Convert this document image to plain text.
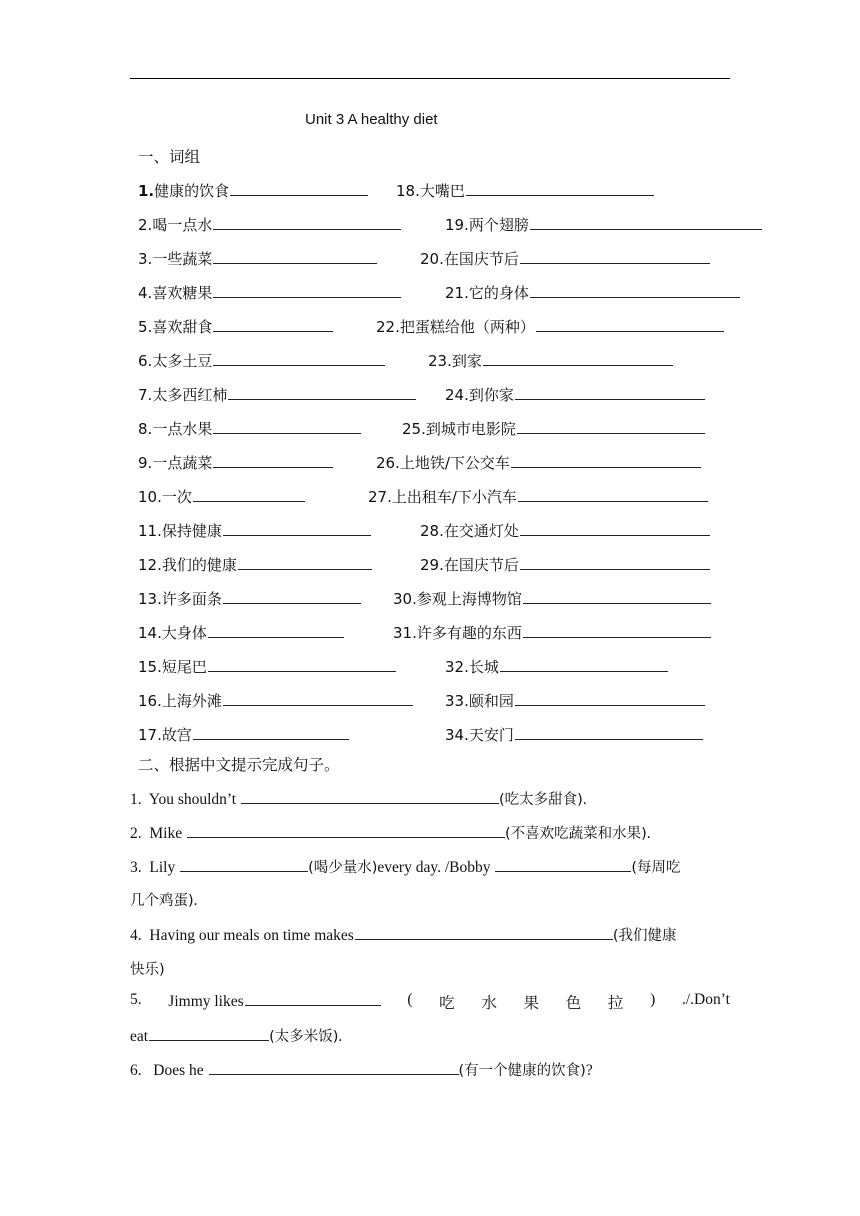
Unit 3 A healthy diet
一、词组
1.健康的饮食	18.大嘴巴
2.喝一点水	19.两个翅膀
3.一些蔬菜	20.在国庆节后
4.喜欢糖果	21.它的身体
5.喜欢甜食	22.把蛋糕给他（两种）
6.太多土豆	23.到家
7.太多西红柿	24.到你家
8.一点水果	25.到城市电影院
9.一点蔬菜	26.上地铁/下公交车
10.一次	27.上出租车/下小汽车
11.保持健康	28.在交通灯处
12.我们的健康	29.在国庆节后
13.许多面条	30.参观上海博物馆
14.大身体	31.许多有趣的东西
15.短尾巴	32.长城
16.上海外滩	33.颐和园
17.故宫	34.天安门
二、根据中文提示完成句子。
1. You shouldn’t	(吃太多甜食).
2. Mike	(不喜欢吃蔬菜和水果).
3. Lily	(喝少量水)every day. /Bobby	(每周吃
几个鸡蛋).
4. Having our meals on time makes	(我们健康
快乐)
5. Jimmy likes	( 吃 水 果 色 拉 ) ./.Don’t
eat	(太多米饭).
6. Does he	(有一个健康的饮食)?
